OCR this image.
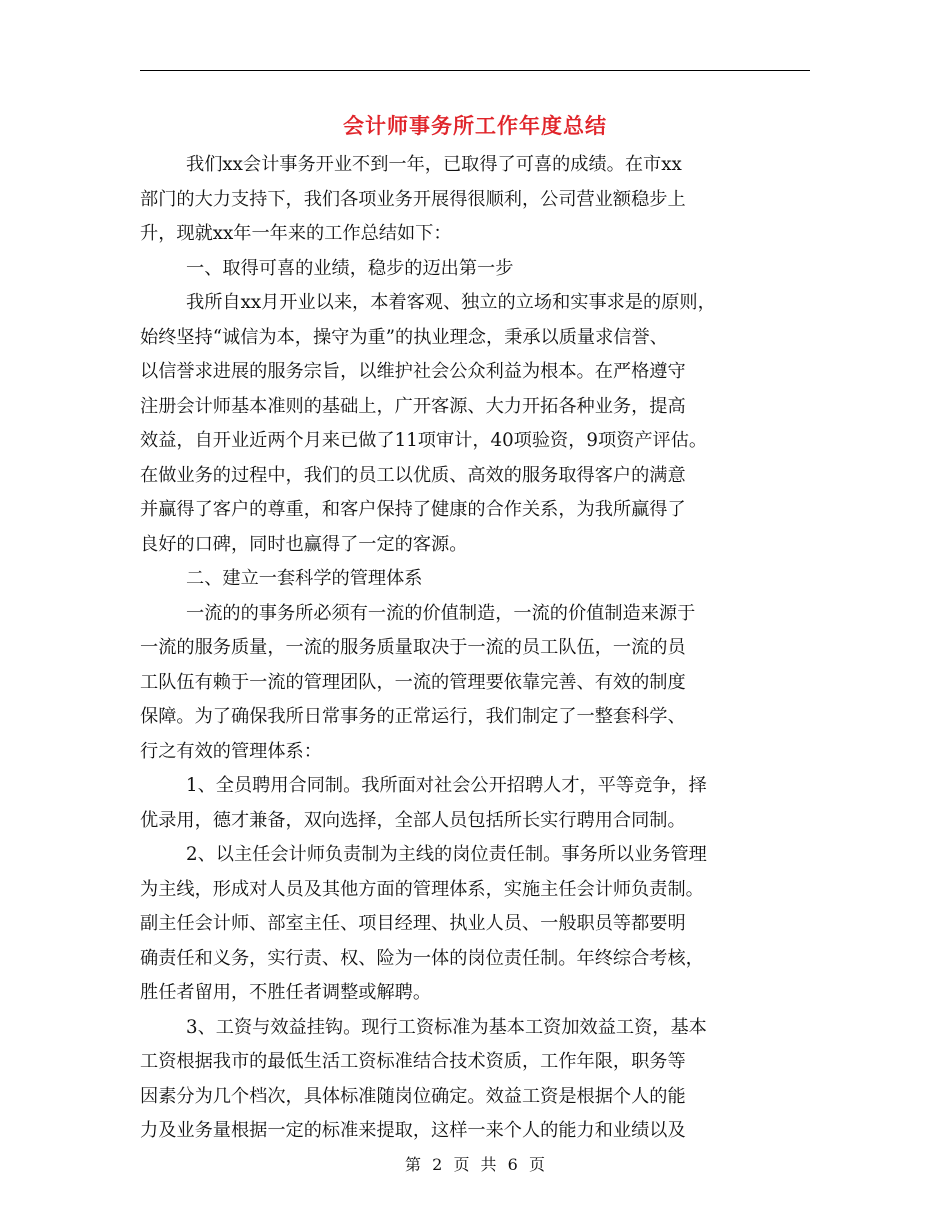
会计师事务所工作年度总结
我们xx会计事务开业不到一年，已取得了可喜的成绩。在市xx
部门的大力支持下，我们各项业务开展得很顺利，公司营业额稳步上
升，现就xx年一年来的工作总结如下：
一、取得可喜的业绩，稳步的迈出第一步
我所自xx月开业以来，本着客观、独立的立场和实事求是的原则，
始终坚持“诚信为本，操守为重”的执业理念，秉承以质量求信誉、
以信誉求进展的服务宗旨，以维护社会公众利益为根本。在严格遵守
注册会计师基本准则的基础上，广开客源、大力开拓各种业务，提高
效益，自开业近两个月来已做了11项审计，40项验资，9项资产评估。
在做业务的过程中，我们的员工以优质、高效的服务取得客户的满意
并赢得了客户的尊重，和客户保持了健康的合作关系，为我所赢得了
良好的口碑，同时也赢得了一定的客源。
二、建立一套科学的管理体系
一流的的事务所必须有一流的价值制造，一流的价值制造来源于
一流的服务质量，一流的服务质量取决于一流的员工队伍，一流的员
工队伍有赖于一流的管理团队，一流的管理要依靠完善、有效的制度
保障。为了确保我所日常事务的正常运行，我们制定了一整套科学、
行之有效的管理体系：
1、全员聘用合同制。我所面对社会公开招聘人才，平等竞争，择
优录用，德才兼备，双向选择，全部人员包括所长实行聘用合同制。
2、以主任会计师负责制为主线的岗位责任制。事务所以业务管理
为主线，形成对人员及其他方面的管理体系，实施主任会计师负责制。
副主任会计师、部室主任、项目经理、执业人员、一般职员等都要明
确责任和义务，实行责、权、险为一体的岗位责任制。年终综合考核，
胜任者留用，不胜任者调整或解聘。
3、工资与效益挂钩。现行工资标准为基本工资加效益工资，基本
工资根据我市的最低生活工资标准结合技术资质，工作年限，职务等
因素分为几个档次，具体标准随岗位确定。效益工资是根据个人的能
力及业务量根据一定的标准来提取，这样一来个人的能力和业绩以及
第 2 页 共 6 页
